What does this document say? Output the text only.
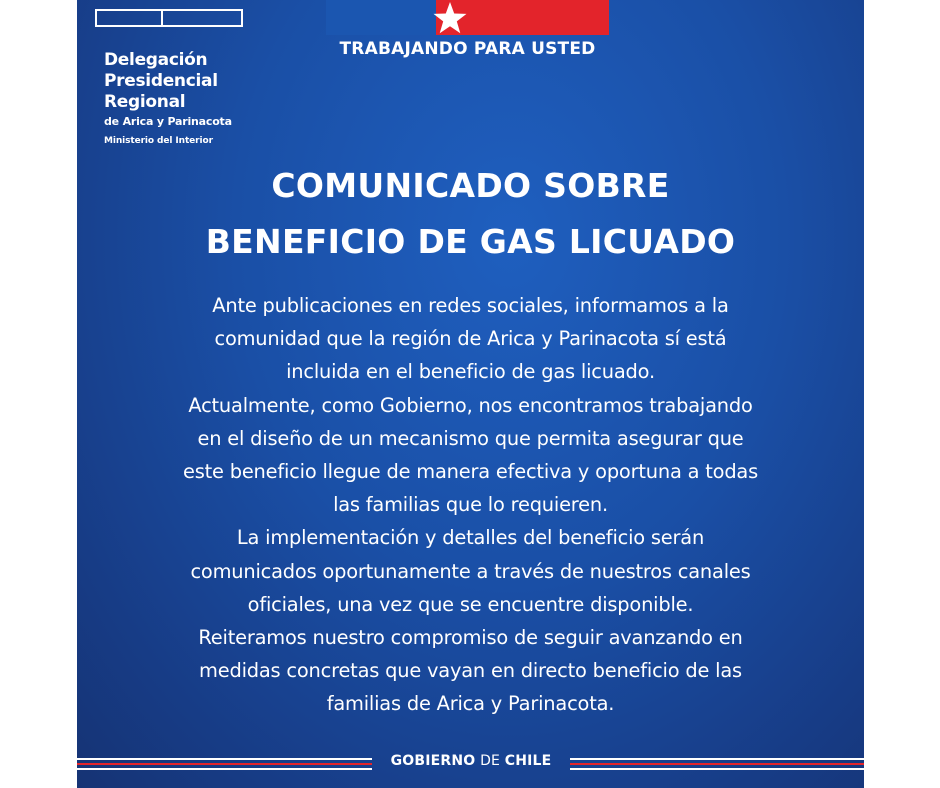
Delegación
Presidencial
Regional
de Arica y Parinacota
Ministerio del Interior
TRABAJANDO PARA USTED
COMUNICADO SOBRE
BENEFICIO DE GAS LICUADO
Ante publicaciones en redes sociales, informamos a la
comunidad que la región de Arica y Parinacota sí está
incluida en el beneficio de gas licuado.
Actualmente, como Gobierno, nos encontramos trabajando
en el diseño de un mecanismo que permita asegurar que
este beneficio llegue de manera efectiva y oportuna a todas
las familias que lo requieren.
La implementación y detalles del beneficio serán
comunicados oportunamente a través de nuestros canales
oficiales, una vez que se encuentre disponible.
Reiteramos nuestro compromiso de seguir avanzando en
medidas concretas que vayan en directo beneficio de las
familias de Arica y Parinacota.
GOBIERNO DE CHILE
